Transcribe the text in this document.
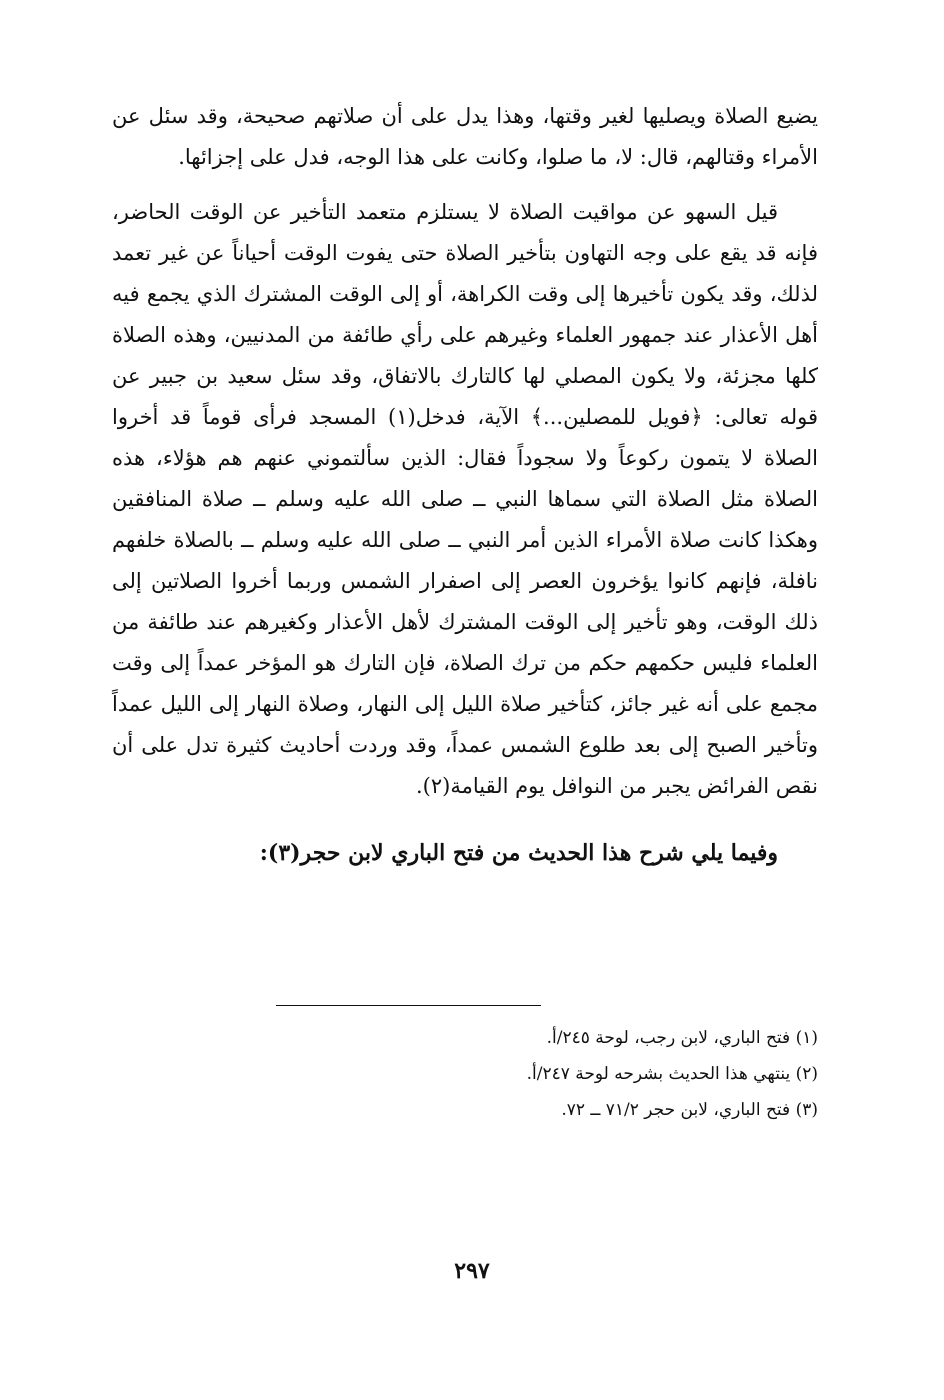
يضيع الصلاة ويصليها لغير وقتها، وهذا يدل على أن صلاتهم صحيحة، وقد سئل عن الأمراء وقتالهم، قال: لا، ما صلوا، وكانت على هذا الوجه، فدل على إجزائها.

قيل السهو عن مواقيت الصلاة لا يستلزم متعمد التأخير عن الوقت الحاضر، فإنه قد يقع على وجه التهاون بتأخير الصلاة حتى يفوت الوقت أحياناً عن غير تعمد لذلك، وقد يكون تأخيرها إلى وقت الكراهة، أو إلى الوقت المشترك الذي يجمع فيه أهل الأعذار عند جمهور العلماء وغيرهم على رأي طائفة من المدنيين، وهذه الصلاة كلها مجزئة، ولا يكون المصلي لها كالتارك بالاتفاق، وقد سئل سعيد بن جبير عن قوله تعالى: ﴿فويل للمصلين...﴾ الآية، فدخل(١) المسجد فرأى قوماً قد أخروا الصلاة لا يتمون ركوعاً ولا سجوداً فقال: الذين سألتموني عنهم هم هؤلاء، هذه الصلاة مثل الصلاة التي سماها النبي ــ صلى الله عليه وسلم ــ صلاة المنافقين وهكذا كانت صلاة الأمراء الذين أمر النبي ــ صلى الله عليه وسلم ــ بالصلاة خلفهم نافلة، فإنهم كانوا يؤخرون العصر إلى اصفرار الشمس وربما أخروا الصلاتين إلى ذلك الوقت، وهو تأخير إلى الوقت المشترك لأهل الأعذار وكغيرهم عند طائفة من العلماء فليس حكمهم حكم من ترك الصلاة، فإن التارك هو المؤخر عمداً إلى وقت مجمع على أنه غير جائز، كتأخير صلاة الليل إلى النهار، وصلاة النهار إلى الليل عمداً وتأخير الصبح إلى بعد طلوع الشمس عمداً، وقد وردت أحاديث كثيرة تدل على أن نقص الفرائض يجبر من النوافل يوم القيامة(٢).

وفيما يلي شرح هذا الحديث من فتح الباري لابن حجر(٣):

(١) فتح الباري، لابن رجب، لوحة ٢٤٥/أ.

(٢) ينتهي هذا الحديث بشرحه لوحة ٢٤٧/أ.

(٣) فتح الباري، لابن حجر ٧١/٢ ــ ٧٢.

٢٩٧
